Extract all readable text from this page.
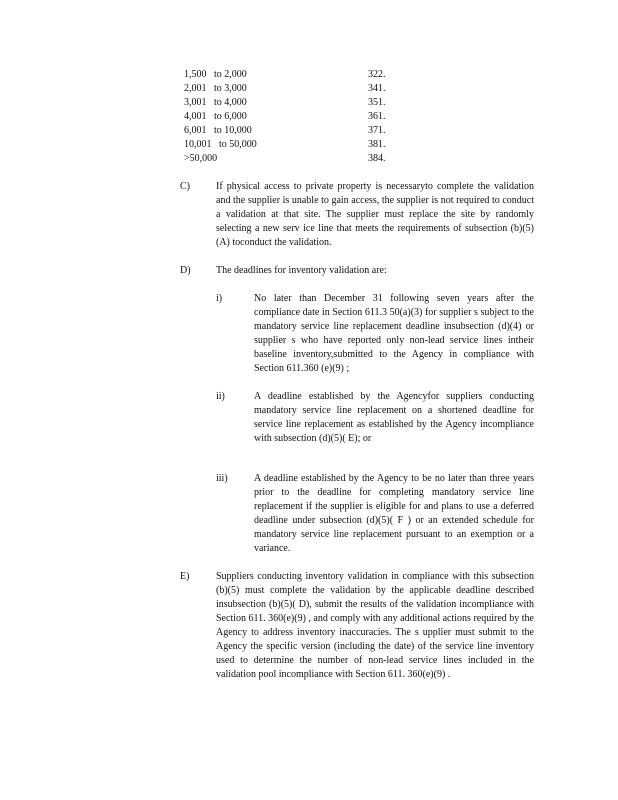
1,500   to 2,000	322.
2,001   to 3,000	341.
3,001   to 4,000	351.
4,001   to 6,000	361.
6,001   to 10,000	371.
10,001   to 50,000	381.
>50,000	384.
C)	If physical access to private property is necessaryto complete the validation and the supplier is unable to gain access, the supplier is not required to conduct a validation at that site. The supplier must replace the site by randomly selecting a new serv ice line that meets the requirements of subsection (b)(5)(A) toconduct the validation.
D)	The deadlines for inventory validation are:
i)	No later than December 31 following seven years after the compliance date in Section 611.3 50(a)(3) for supplier s subject to the mandatory service line replacement deadline insubsection (d)(4) or supplier s who have reported only non-lead service lines intheir baseline inventory,submitted to the Agency in compliance with Section 611.360 (e)(9) ;
ii)	A deadline established by the Agencyfor suppliers conducting mandatory service line replacement on a shortened deadline for service line replacement as established by the Agency incompliance with subsection (d)(5)( E); or
iii)	A deadline established by the Agency to be no later than three years prior to the deadline for completing mandatory service line replacement if the supplier is eligible for and plans to use a deferred deadline under subsection (d)(5)( F ) or an extended schedule for mandatory service line replacement pursuant to an exemption or a variance.
E)	Suppliers conducting inventory validation in compliance with this subsection (b)(5) must complete the validation by the applicable deadline described insubsection (b)(5)( D), submit the results of the validation incompliance with Section 611. 360(e)(9) , and comply with any additional actions required by the Agency to address inventory inaccuracies. The s upplier must submit to the Agency the specific version (including the date) of the service line inventory used to determine the number of non-lead service lines included in the validation pool incompliance with Section 611. 360(e)(9) .
